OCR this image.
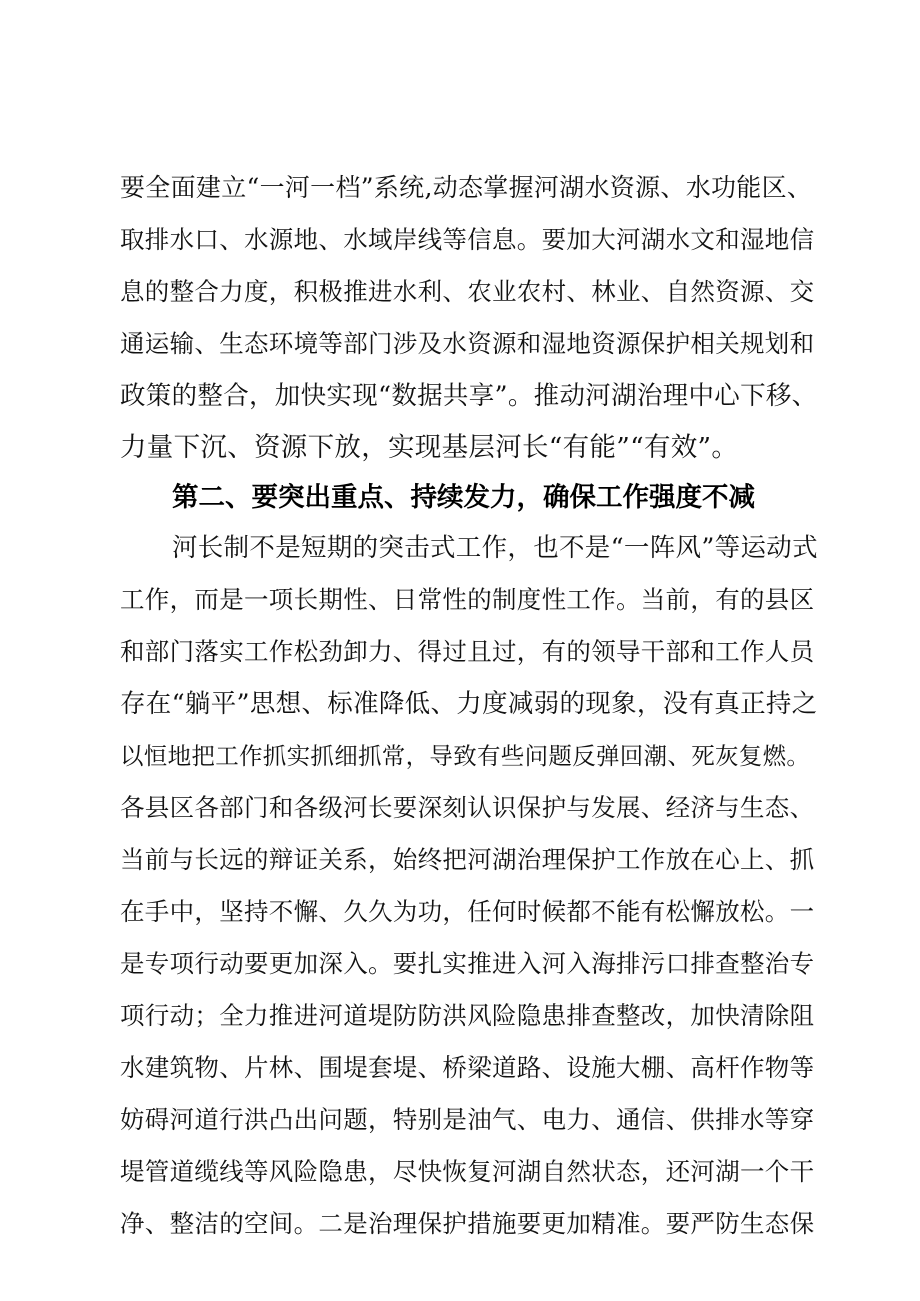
要全面建立“一河一档”系统,动态掌握河湖水资源、水功能区、
取排水口、水源地、水域岸线等信息。要加大河湖水文和湿地信
息的整合力度，积极推进水利、农业农村、林业、自然资源、交
通运输、生态环境等部门涉及水资源和湿地资源保护相关规划和
政策的整合，加快实现“数据共享”。推动河湖治理中心下移、
力量下沉、资源下放，实现基层河长“有能”“有效”。
第二、要突出重点、持续发力，确保工作强度不减
河长制不是短期的突击式工作，也不是“一阵风”等运动式
工作，而是一项长期性、日常性的制度性工作。当前，有的县区
和部门落实工作松劲卸力、得过且过，有的领导干部和工作人员
存在“躺平”思想、标准降低、力度减弱的现象，没有真正持之
以恒地把工作抓实抓细抓常，导致有些问题反弹回潮、死灰复燃。
各县区各部门和各级河长要深刻认识保护与发展、经济与生态、
当前与长远的辩证关系，始终把河湖治理保护工作放在心上、抓
在手中，坚持不懈、久久为功，任何时候都不能有松懈放松。一
是专项行动要更加深入。要扎实推进入河入海排污口排查整治专
项行动；全力推进河道堤防防洪风险隐患排查整改，加快清除阻
水建筑物、片林、围堤套堤、桥梁道路、设施大棚、高杆作物等
妨碍河道行洪凸出问题，特别是油气、电力、通信、供排水等穿
堤管道缆线等风险隐患，尽快恢复河湖自然状态，还河湖一个干
净、整洁的空间。二是治理保护措施要更加精准。要严防生态保
